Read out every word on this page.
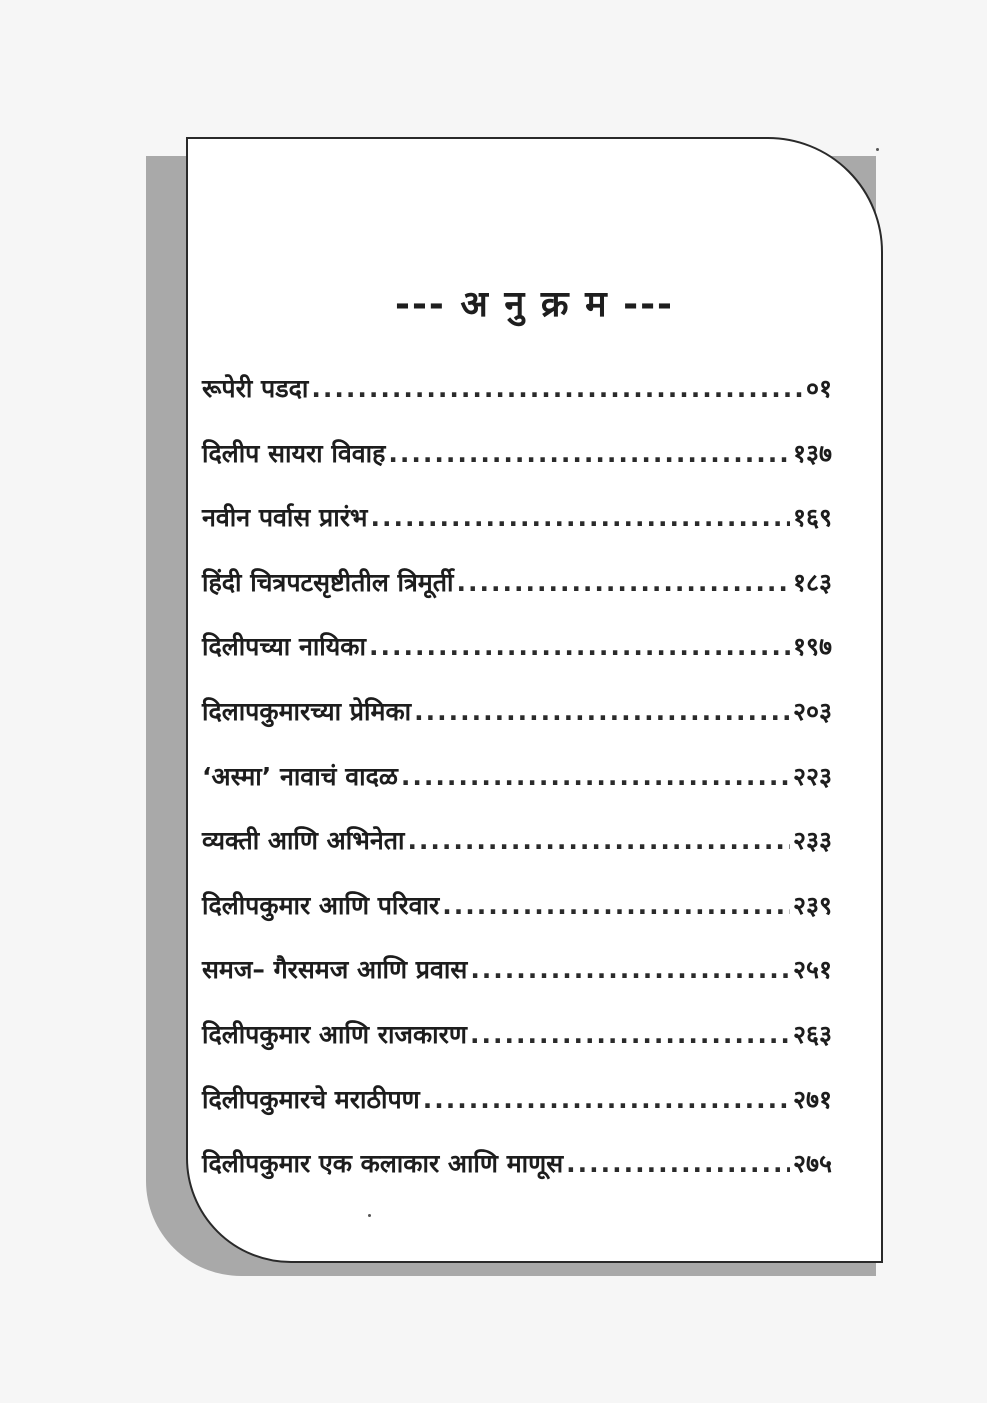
--- अ नु क्र म ---
रूपेरी पडदा .....	०१
दिलीप सायरा विवाह .....	१३७
नवीन पर्वास प्रारंभ .....	१६९
हिंदी चित्रपटसृष्टीतील त्रिमूर्ती .....	१८३
दिलीपच्या नायिका .....	१९७
दिलापकुमारच्या प्रेमिका .....	२०३
‘अस्मा’ नावाचं वादळ .....	२२३
व्यक्ती आणि अभिनेता .....	२३३
दिलीपकुमार आणि परिवार .....	२३९
समज– गैरसमज आणि प्रवास .....	२५१
दिलीपकुमार आणि राजकारण .....	२६३
दिलीपकुमारचे मराठीपण .....	२७१
दिलीपकुमार एक कलाकार आणि माणूस .....	२७५
